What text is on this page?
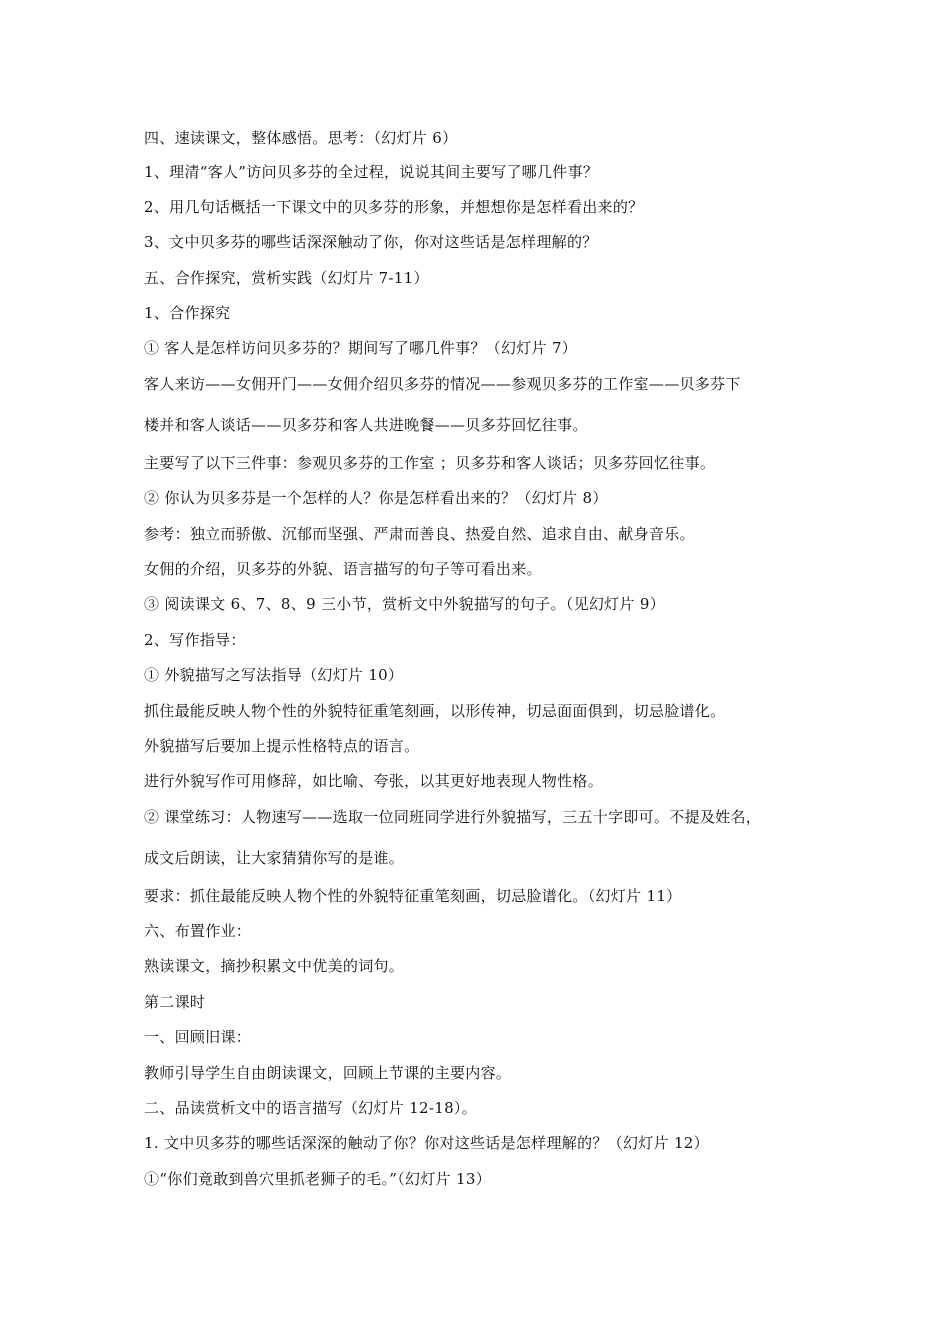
四、速读课文，整体感悟。思考：（幻灯片 6）
1、理清“客人”访问贝多芬的全过程，说说其间主要写了哪几件事？
2、用几句话概括一下课文中的贝多芬的形象，并想想你是怎样看出来的？
3、文中贝多芬的哪些话深深触动了你，你对这些话是怎样理解的？
五、合作探究，赏析实践（幻灯片 7-11）
1、合作探究
① 客人是怎样访问贝多芬的？期间写了哪几件事？（幻灯片 7）
客人来访——女佣开门——女佣介绍贝多芬的情况——参观贝多芬的工作室——贝多芬下
楼并和客人谈话——贝多芬和客人共进晚餐——贝多芬回忆往事。
主要写了以下三件事：参观贝多芬的工作室 ；贝多芬和客人谈话；贝多芬回忆往事。
② 你认为贝多芬是一个怎样的人？你是怎样看出来的？（幻灯片 8）
参考：独立而骄傲、沉郁而坚强、严肃而善良、热爱自然、追求自由、献身音乐。
女佣的介绍，贝多芬的外貌、语言描写的句子等可看出来。
③ 阅读课文 6、7、8、9 三小节，赏析文中外貌描写的句子。（见幻灯片 9）
2、写作指导：
① 外貌描写之写法指导（幻灯片 10）
抓住最能反映人物个性的外貌特征重笔刻画，以形传神，切忌面面俱到，切忌脸谱化。
外貌描写后要加上提示性格特点的语言。
进行外貌写作可用修辞，如比喻、夸张，以其更好地表现人物性格。
② 课堂练习：人物速写——选取一位同班同学进行外貌描写，三五十字即可。不提及姓名，
成文后朗读，让大家猜猜你写的是谁。
要求：抓住最能反映人物个性的外貌特征重笔刻画，切忌脸谱化。（幻灯片 11）
六、布置作业：
熟读课文，摘抄积累文中优美的词句。
第二课时
一、回顾旧课：
教师引导学生自由朗读课文，回顾上节课的主要内容。
二、品读赏析文中的语言描写（幻灯片 12-18）。
1. 文中贝多芬的哪些话深深的触动了你？你对这些话是怎样理解的？（幻灯片 12）
①“你们竟敢到兽穴里抓老狮子的毛。”（幻灯片 13）
